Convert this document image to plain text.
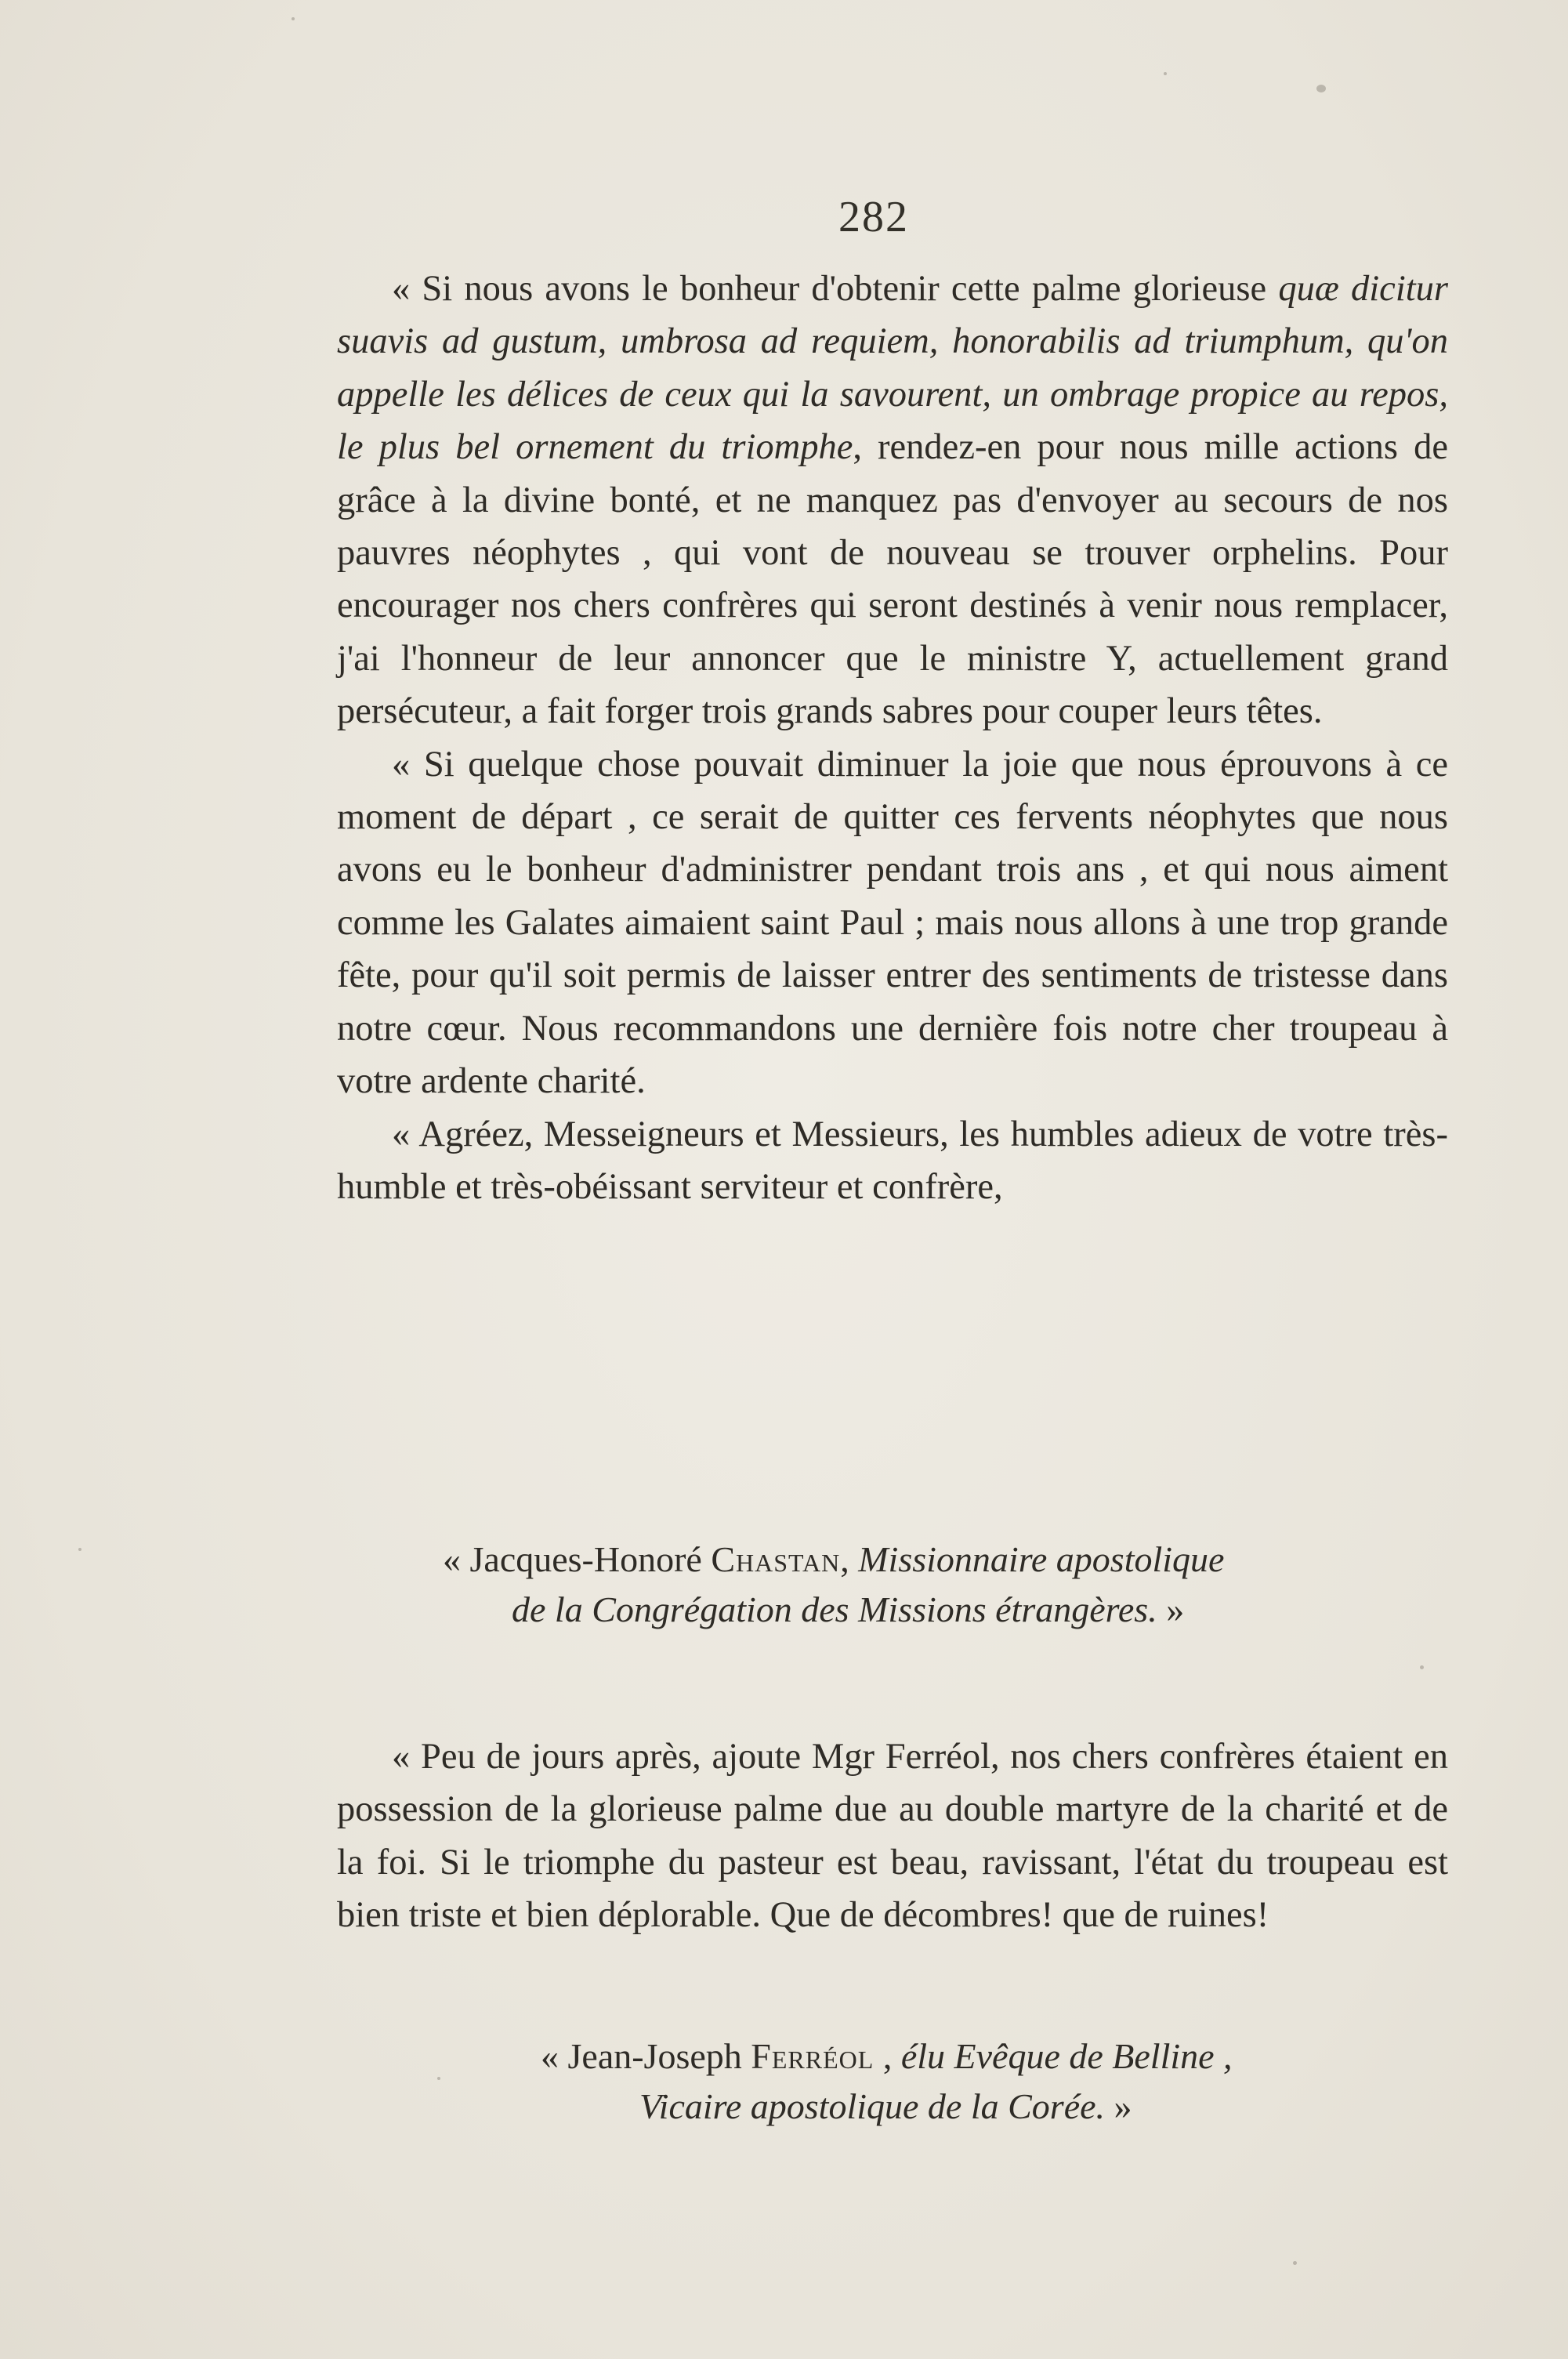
282

« Si nous avons le bonheur d'obtenir cette palme glorieuse quæ dicitur suavis ad gustum, umbrosa ad requiem, honorabilis ad triumphum, qu'on appelle les délices de ceux qui la savourent, un ombrage propice au repos, le plus bel ornement du triomphe, rendez-en pour nous mille actions de grâce à la divine bonté, et ne manquez pas d'envoyer au secours de nos pauvres néophytes , qui vont de nouveau se trouver orphelins. Pour encourager nos chers confrères qui seront destinés à venir nous remplacer, j'ai l'honneur de leur annoncer que le ministre Y, actuellement grand persécuteur, a fait forger trois grands sabres pour couper leurs têtes.

« Si quelque chose pouvait diminuer la joie que nous éprouvons à ce moment de départ , ce serait de quitter ces fervents néophytes que nous avons eu le bonheur d'administrer pendant trois ans , et qui nous aiment comme les Galates aimaient saint Paul ; mais nous allons à une trop grande fête, pour qu'il soit permis de laisser entrer des sentiments de tristesse dans notre cœur. Nous recommandons une dernière fois notre cher troupeau à votre ardente charité.

« Agréez, Messeigneurs et Messieurs, les humbles adieux de votre très-humble et très-obéissant serviteur et confrère,

« Jacques-Honoré Chastan, Missionnaire apostolique
de la Congrégation des Missions étrangères. »

« Peu de jours après, ajoute Mgr Ferréol, nos chers confrères étaient en possession de la glorieuse palme due au double martyre de la charité et de la foi. Si le triomphe du pasteur est beau, ravissant, l'état du troupeau est bien triste et bien déplorable. Que de décombres! que de ruines!

« Jean-Joseph Ferréol , élu Evêque de Belline ,
Vicaire apostolique de la Corée. »
